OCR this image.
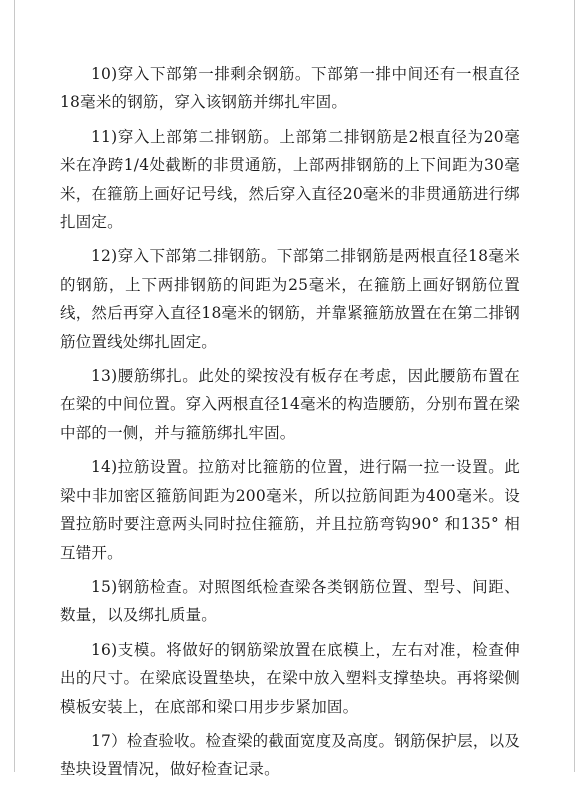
10)穿入下部第一排剩余钢筋。下部第一排中间还有一根直径18毫米的钢筋，穿入该钢筋并绑扎牢固。

11)穿入上部第二排钢筋。上部第二排钢筋是2根直径为20毫米在净跨1/4处截断的非贯通筋，上部两排钢筋的上下间距为30毫米，在箍筋上画好记号线，然后穿入直径20毫米的非贯通筋进行绑扎固定。

12)穿入下部第二排钢筋。下部第二排钢筋是两根直径18毫米的钢筋，上下两排钢筋的间距为25毫米，在箍筋上画好钢筋位置线，然后再穿入直径18毫米的钢筋，并靠紧箍筋放置在在第二排钢筋位置线处绑扎固定。

13)腰筋绑扎。此处的梁按没有板存在考虑，因此腰筋布置在在梁的中间位置。穿入两根直径14毫米的构造腰筋，分别布置在梁中部的一侧，并与箍筋绑扎牢固。

14)拉筋设置。拉筋对比箍筋的位置，进行隔一拉一设置。此梁中非加密区箍筋间距为200毫米，所以拉筋间距为400毫米。设置拉筋时要注意两头同时拉住箍筋，并且拉筋弯钩90° 和135° 相互错开。

15)钢筋检查。对照图纸检查梁各类钢筋位置、型号、间距、数量，以及绑扎质量。

16)支模。将做好的钢筋梁放置在底模上，左右对准，检查伸出的尺寸。在梁底设置垫块，在梁中放入塑料支撑垫块。再将梁侧模板安装上，在底部和梁口用步步紧加固。

17）检查验收。检查梁的截面宽度及高度。钢筋保护层，以及垫块设置情况，做好检查记录。
